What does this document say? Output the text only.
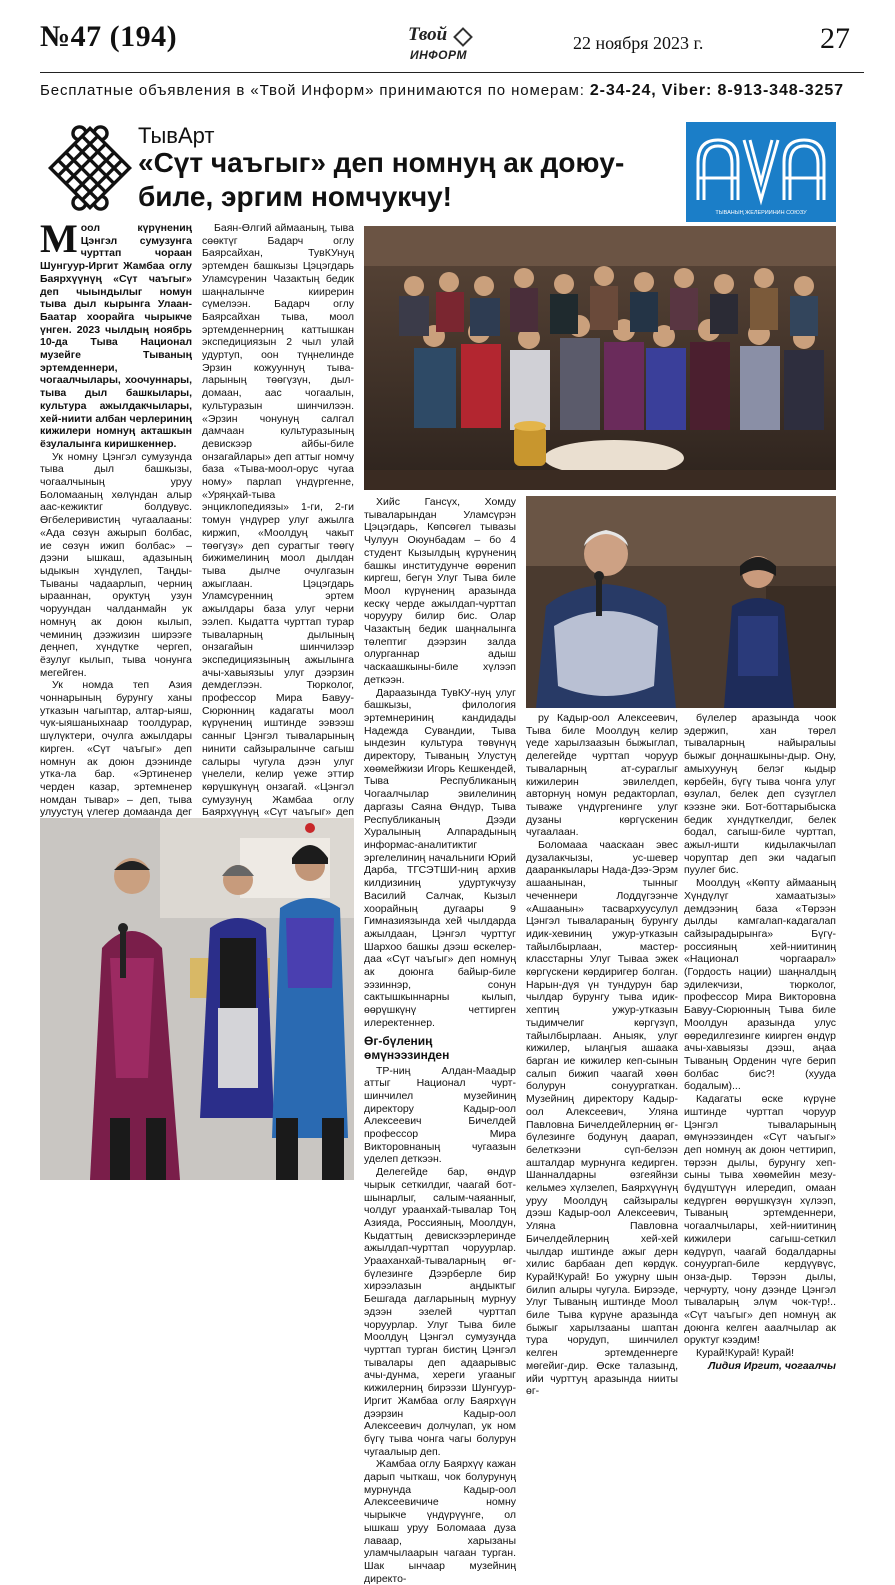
№47 (194)	Твой
ИНФОРМ
22 ноября 2023 г.	27
Бесплатные объявления в «Твой Информ» принимаются по номерам: 2-34-24, Viber: 8-913-348-3257
ТывАрт
«Сүт чаъгыг» деп номнуң ак доюу-биле, эргим номчукчу!
ТЫВАНЫҢ ЖЕЛЕРИИНИН СОЮЗУ

Моол күрүнениң Цэнгэл сумузунга чурттап чораан Шунгуур-Иргит Жамбаа оглу Баярхүүнүң «Сүт чаъгыг» деп чыындылыг номун тыва дыл кырынга Улаан-Баатар хоорайга чырыкче үнген. 2023 чылдың ноябрь 10-да Тыва Национал музейге Тываның эртемденнери, чогаалчылары, хоочуннары, тыва дыл башкылары, культура ажылдакчылары, хей-ниити албан черлериниң кижилери номнуң акташкын ёзулалынга киришкеннер.

Ук номну Цэнгэл сумузунда тыва дыл башкызы, чогаалчының уруу Боломааның хөлүндан алыр аас-кежиктиг болдувус. Өгбелеривистиң чугаалааны: «Ада сөзүн ажырып болбас, ие сөзүн ижип болбас» – дээни ышкаш, адазының ыдыкын хүндүлеп, Таңды-Тываны чадаарлып, черниң ырааннан, оруктуң узун чоруундан чалданмайн ук номнуң ак доюн кылып, чеминиң дээжизин ширээге деңнеп, хүндүтке чергеп, ёзулуг кылып, тыва чонунга мегейген.

Ук номда теп Азия чоннарының бурунгу ханы утказын чагыптар, алтар-ыяш, чук-ыяшаныхнаар тоолдурар, шүлүктери, очулга ажылдары кирген. «Сүт чаъгыг» деп номнун ак доюн дээнинде утка-ла бар. «Эртиненер черден казар, эртемненер номдан тывар» – деп, тыва улуустуң үлегер домаанда дег

Баян-Өлгий аймааның, тыва сөөктүг Бадарч оглу Баярсайхан, ТувКУнуң эртемден башкызы Цэцэгдарь Уламсүренин Чазактың бедик шаңналынче киирерин сүмелээн. Бадарч оглу Баярсайхан тыва, моол эртемденнерниң каттышкан экспедициязын 2 чыл улай удуртуп, оон түңнелинде Эрзин кожууннуң тыва-ларының төөгүзүн, дыл-домаан, аас чогаалын, культуразын шинчилээн. «Эрзин чонунуң салгал дамчаан культуразының девискээр айбы-биле онзагайлары» деп аттыг номчу база «Тыва-моол-орус чугаа ному» парлап үндүргенне, «Уряңхай-тыва энциклопедиязы» 1-ги, 2-ги томун үндүрер улуг ажылга киржип, «Моолдуң чакыт төөгүзү» деп сурагтыг төөгү бижимелиниң моол дылдан тыва дылче очулгазын ажыглаан. Цэцэгдарь Уламсүренниң эртем ажылдары база улуг черни ээлеп. Кыдатта чурттап турар тываларның дылының онзагайын шинчилээр экспедициязының ажылынга ачы-хавыязыы улуг дээрзин демдеглээн. Тюрколог, профессор Мира Бавуу-Сюрюнниң кадагаты моол күрүнениң иштинде ээвээш санныг Цэнгэл тываларының нинити сайзыралынче сагыш салыры чугула дээн улуг үнелели, келир үеже эттир көрүшкүнүң онзагай. «Цэнгэл сумузунуң Жамбаа оглу Баярхүүнүң «Сүт чаъгыг» деп

Хийс Гансүх, Хомду тываларындан Уламсүрэн Цэцэгдарь, Көпсөгел тывазы Чулуун Оюунбадам – бо 4 студент Кызылдың күрүнениң башкы институдунче өөренип киргеш, бегүн Улуг Тыва биле Моол күрүнениң аразында кескү черде ажылдап-чурттап чорууру билир бис. Олар Чазактың бедик шаңналынга төлептиг дээрзин залда олурганнар адыш часкаашкыны-биле хүлээп деткээн.

Дараазында ТувКУ-нуң улуг башкызы, филология эртемнериниң кандидады Надежда Сувандии, Тыва ындезин культура төвүнүң директору, Тываның Улустуң хөөмейжизи Игорь Кешкендей, Тыва Республиканың Чогаалчылар эвилелиниң даргазы Саяна Өндүр, Тыва Республиканың Дээди Хуралының Алпарадының информас-аналитиктиг эргелелиниң начальниги Юрий Дарба, ТГСЭТШИ-ниң архив килдизиниң удуртукчузу Василий Салчак, Кызыл хоорайның дугаары 9 Гимназиязында хей чылдарда ажылдаан, Цэнгэл чурттуг Шархоо башкы дээш өскелер-даа «Сүт чаъгыг» деп номнуң ак доюнга байыр-биле ээзиннэр, сонун сактышкыннарны кылып, өөрүшкүнү четтирген илеректеннер.

Өг-бүлениң өмүнээзинден

ТР-ниң Алдан-Маадыр аттыг Национал чурт-шинчилел музейиниң директору Кадыр-оол Алексеевич Бичелдей профессор Мира Викторовнаның чугаазын уделеп деткээн.

Делегейде бар, өндүр чырык сеткилдиг, чаагай бот-шынарлыг, салым-чаяанныг, чолдуг ураанхай-тывалар Тоң Азияда, Россияның, Моолдун, Кыдаттың девискээрлеринде ажылдап-чурттап чоруурлар. Урааханхай-тываларның өг-бүлезинге Дээрберле бир хирээлазын аңдыктыг Бешгада дагларының мурнуу эдээн эзелей чурттап чоруурлар. Улуг Тыва биле Моолдуң Цэнгэл сумузуңда чурттап турган бистиң Цэнгэл тывалары деп адаарывыс ачы-дунма, хереги угааныг кижилерниң бирээзи Шунгуур-Иргит Жамбаа оглу Баярхүүн дээрзин Кадыр-оол Алексеевич долчулап, ук ном бүгү тыва чонга чагы болурун чугаалыыр деп.

Жамбаа оглу Баярхүү кажан дарып чыткаш, чок болурунуң мурнунда Кадыр-оол Алексеевичиче номну чырыкче үндүрүүнге, ол ышкаш уруу Боломааа дуза лаваар, харызаны уламчылаарын чагаан турган. Шак ынчаар музейниң директо-

ру Кадыр-оол Алексеевич, Тыва биле Моолдуң келир үеде харылзаазын быжыглап, делегейде чурттап чоруур тываларның ат-сураглыг кижилерин эвилелдеп, авторнуң номун редакторлап, тываже үндүргенинге улуг дузаны көргүскенин чугаалаан.

Боломааа чааскаан эвес дузалакчызы, ус-шевер дааранкылары Нада-Дээ-Эрэм ашаанынан, тынныг чеченнери Лоддүгээнче «Ашаанын» тасвархуусулул Цэнгэл тывалараның бурунгу идик-хевиниң ужур-утказын тайылбырлаан, мастер-класстарны Улуг Тываа эжек көргүскени көрдиригер болган. Нарын-дүя үн тундурун бар чылдар бурунгу тыва идик-хептиң ужур-утказын тыдимчелиг көргүзүп, тайылбырлаан. Аныяк, улуг кижилер, ылаңгыя ашаака барган ие кижилер кеп-сынын салып бижип чаагай хөөн болурун сонуургаткан. Музейниң директору Кадыр-оол Алексеевич, Уляна Павловна Бичелдейлерниң өг-бүлезинге бодунуң даарап, белеткээни сүп-белээн ашталдар мурнунга кедирген. Шанналдарны өзгеяйнзи кельмеэ хүлзелеп, Баярхүүнүң уруу Моолдуң сайзыралы дээш Кадыр-оол Алексеевич, Уляна Павловна Бичелдейлерниң хей-хей чылдар иштинде ажыг дерн хилис барбаан деп көрдүк. Курай!Курай! Бо ужурну шын билип алыры чугула. Бирээде, Улуг Тываның иштинде Моол биле Тыва күрүне аразында быжыг харылзааны шаптан тура чорудуп, шинчилел келген эртемденнерге мөгейиг-дир. Өске талазынд, ийи чурттуң аразында нииты өг-

бүлелер аразында чоок эдержип, хан төрел тываларның найыралыы быжыг доңнашкыны-дыр. Ону, амыхуунуң белэг кыдыр көрбейн, бүгү тыва чонга улуг өзулал, белек деп сүзүглел кээзне эки. Бот-боттарыбыска бедик хүндүткелдиг, белек бодал, сагыш-биле чурттап, ажыл-ишти кидылакчылап чоруптар деп эки чадагып пуулег бис.

Моолдуң «Көпту аймааның Хүндүлүг хамаатызы» демдээниң база «Төрээн дылды камгалап-кадагалап сайзырадырынга» Бүгү-россияның хей-ниитиниң «Национал чоргаарал» (Гордость нации) шаңналдың эдилекчизи, тюрколог, профессор Мира Викторовна Бавуу-Сюрюнның Тыва биле Моолдун аразында улус өөредилгезинге киирген өндүр ачы-хавыязы дээш, аңаа Тываның Орденин чүге берип болбас бис?! (хууда бодалым)...

Кадагаты өске күрүне иштинде чурттап чоруур Цэнгэл тываларының өмүнээзинден «Сүт чаъгыг» деп номнуң ак доюн четтирип, төрээн дылы, бурунгу хеп-сыны тыва хөөмейин мезу-бүдүштүүн илередип, омаан кедүрген өөрүшкүзүн хүлээп, Тываның эртемденнери, чогаалчылары, хей-ниитиниң кижилери сагыш-сеткил көдүрүп, чаагай бодалдарны сонуургап-биле кердүүвүс, онза-дыр. Төрээн дылы, черчурту, чону дээнде Цэнгэл тываларың элүм чок-түр!.. «Сүт чаъгыг» деп номнуң ак доюнга келген ааалчылар ак оруктуг кээдим!

Курай!Курай! Курай!

Лидия Иргит, чогаалчы
